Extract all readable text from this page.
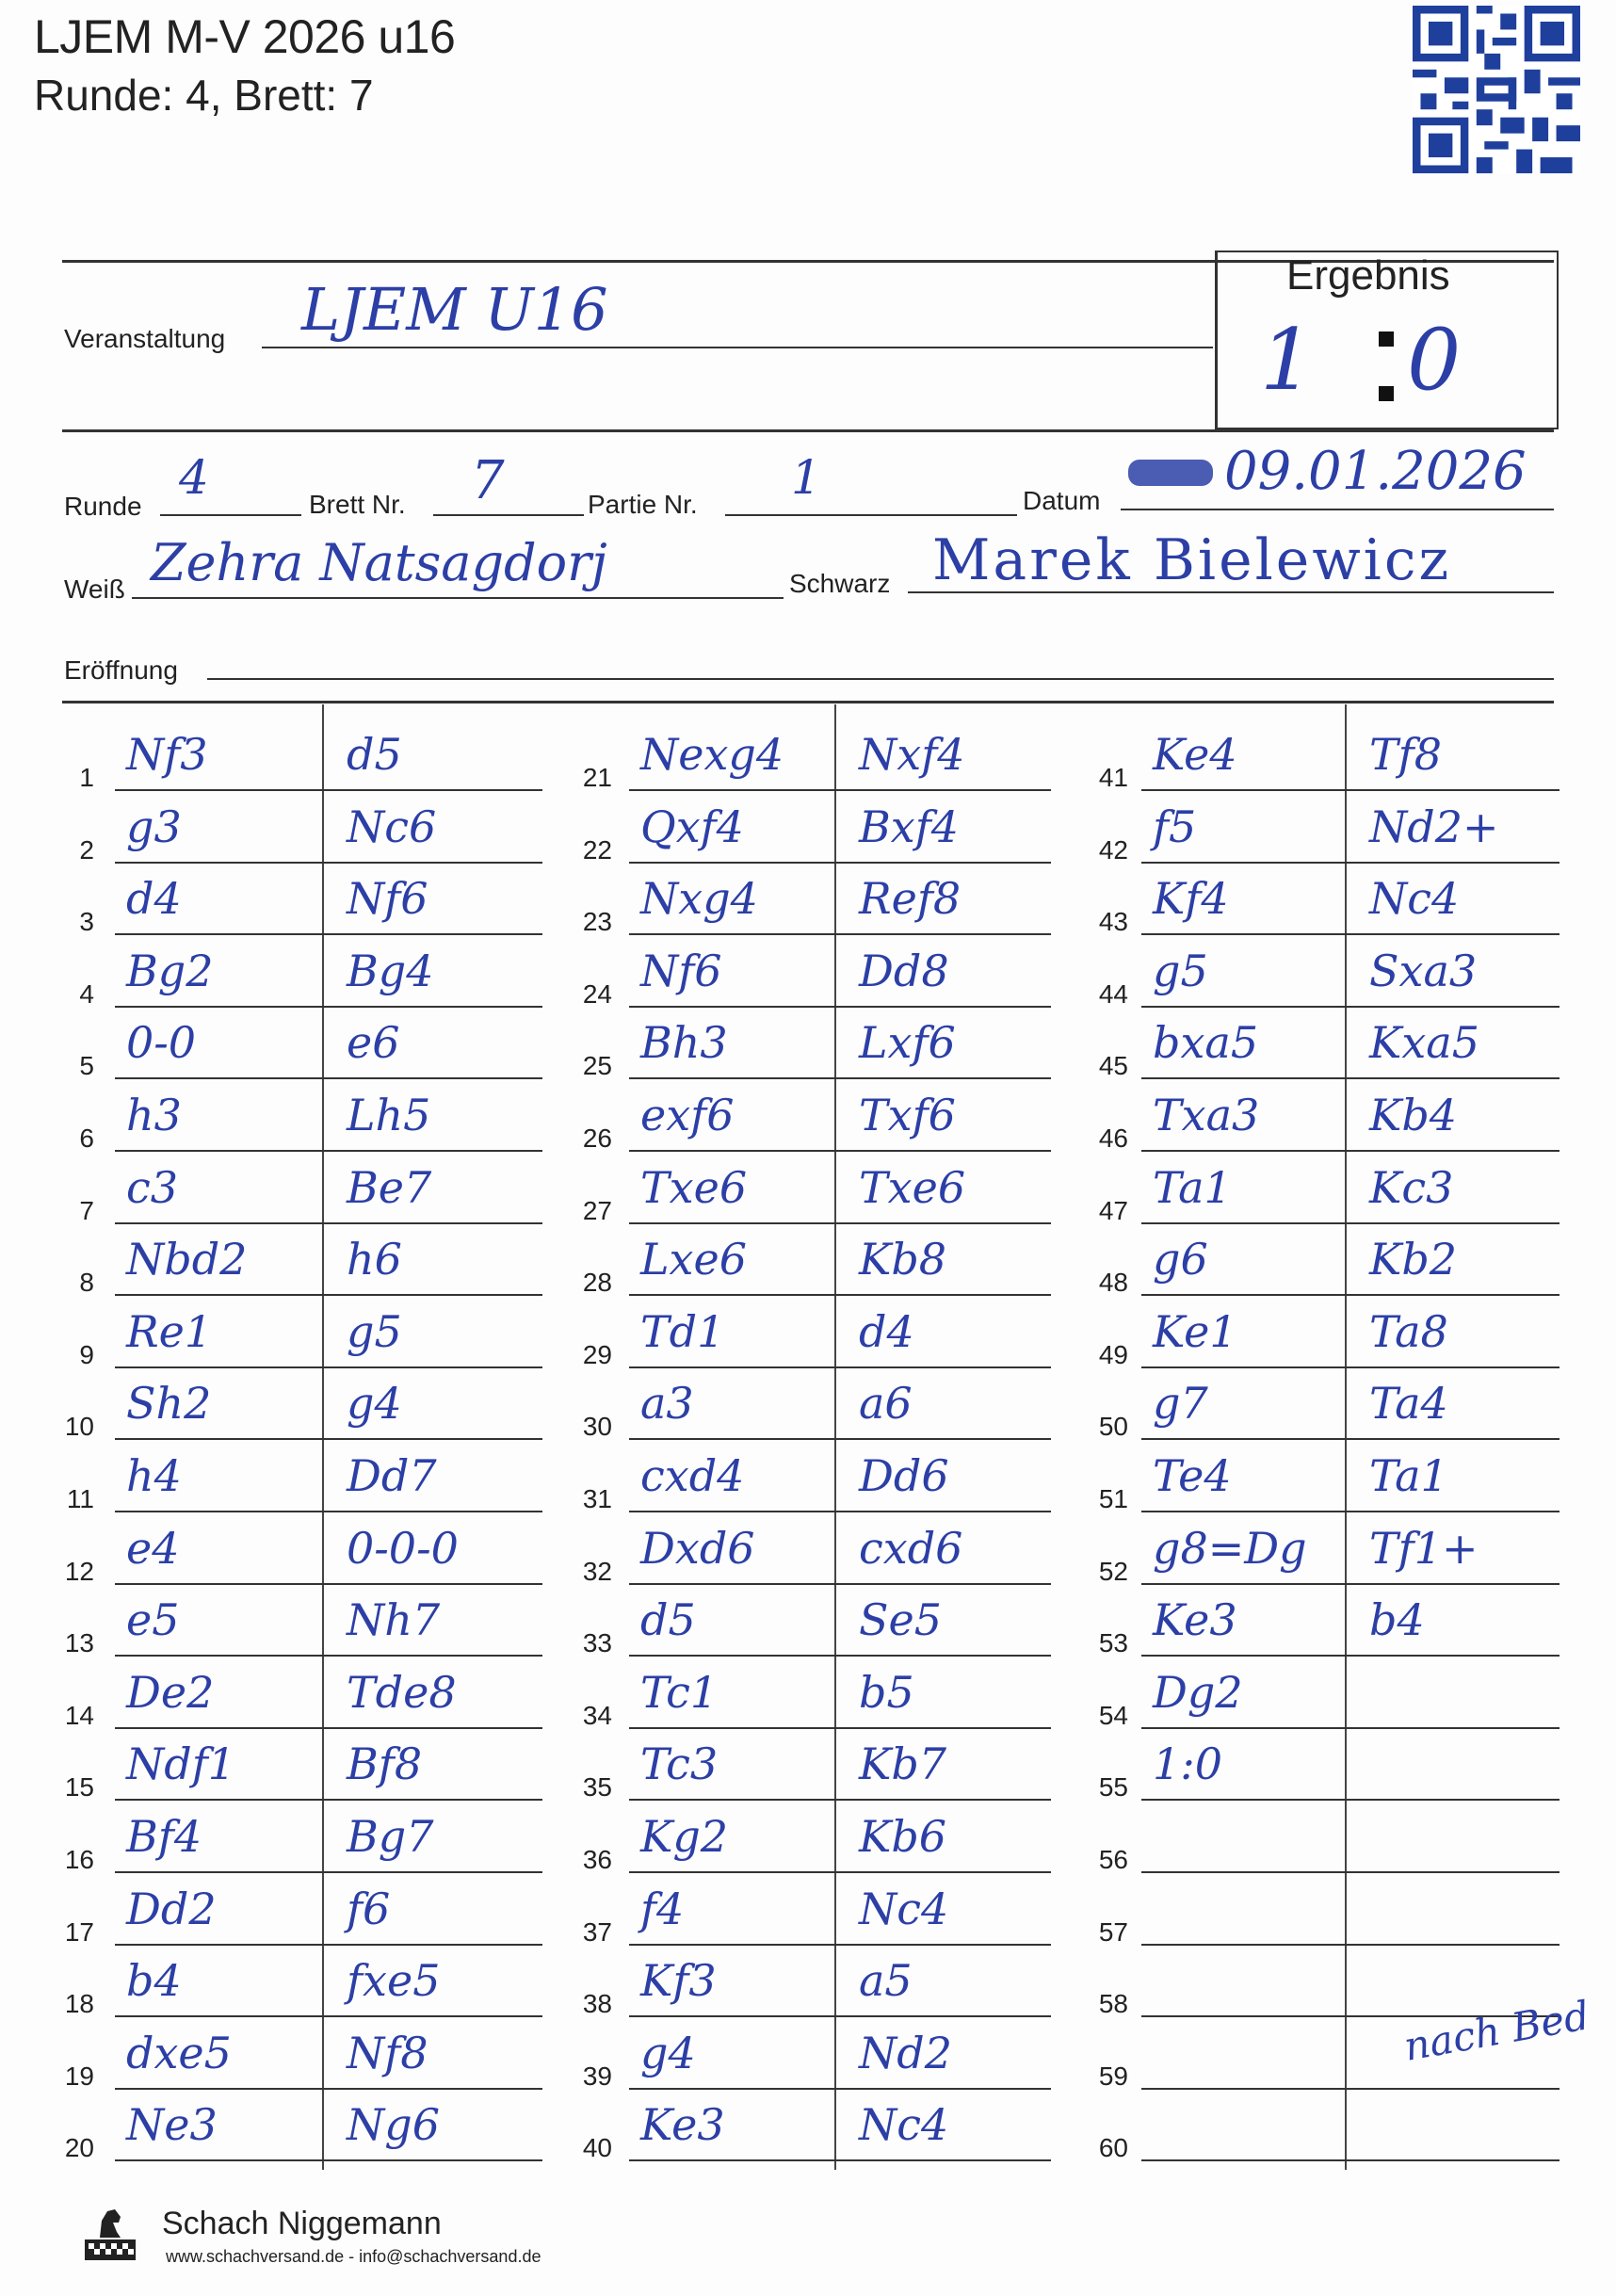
LJEM M-V 2026 u16
Runde: 4, Brett: 7
Ergebnis
1 0
Veranstaltung LJEM U16
Runde
4	Brett Nr. 7	Partie Nr. 1	Datum 09.01.2026
Weiß Zehra Natsagdorj	Schwarz Marek Bielewicz
Eröffnung
1 Nf3	d5
2 g3	Nc6
3 d4	Nf6
4 Bg2	Bg4
5 0-0	e6
6 h3	Lh5
7 c3	Be7
8 Nbd2 h6
9 Re1	g5
10 Sh2	g4
11 h4	Dd7
12 e4	0-0-0
13 e5	Nh7
14 De2	Tde8
15 Ndf1	Bf8
16 Bf4	Bg7
17 Dd2	f6
18 b4	fxe5
19 dxe5	Nf8
20 Ne3	Ng6
21 Nexg4 Nxf4
22 Qxf4	Bxf4
23 Nxg4 Ref8
24 Nf6	Dd8
25 Bh3	Lxf6
26 exf6	Txf6
27 Txe6	Txe6
28 Lxe6	Kb8
29 Td1	d4
30 a3	a6
31 cxd4	Dd6
32 Dxd6 cxd6
33 d5	Se5
34 Tc1	b5
35 Tc3	Kb7
36 Kg2	Kb6
37 f4	Nc4
38 Kf3	a5
39 g4	Nd2
40 Ke3	Nc4
41 Ke4	Tf8
42 f5	Nd2+
43 Kf4	Nc4
44 g5	Sxa3
45 bxa5	Kxa5
46 Txa3	Kb4
47 Ta1	Kc3
48 g6	Kb2
49 Ke1	Ta8
50 g7	Ta4
51 Te4	Ta1
52 g8=Dg Tf1+
53 Ke3	b4
54 Dg2
55 1:0
56
57
58
59
60
nach Bed
Schach Niggemann
www.schachversand.de - info@schachversand.de
